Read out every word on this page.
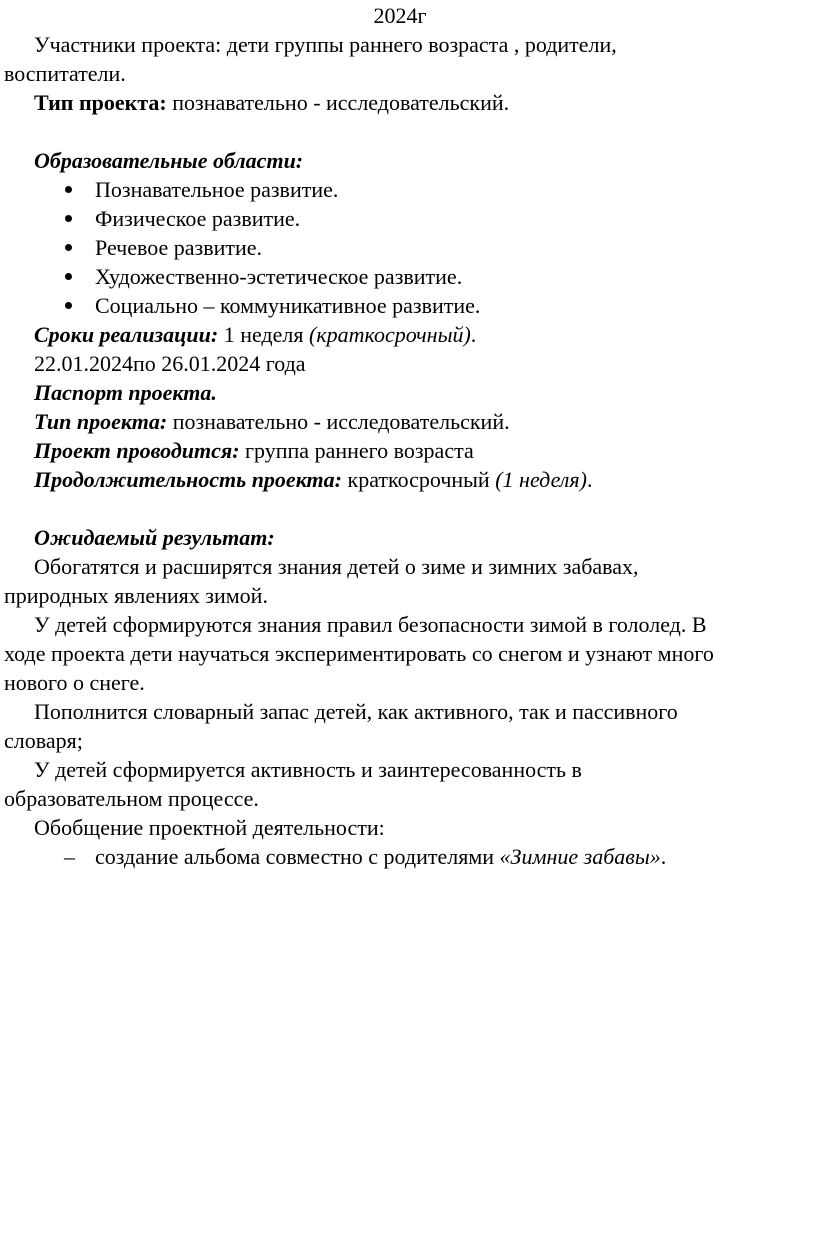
2024г

Участники проекта: дети группы раннего возраста , родители,

воспитатели.

Тип проекта: познавательно - исследовательский.

Образовательные области:

Познавательное развитие.
Физическое развитие.
Речевое развитие.
Художественно-эстетическое развитие.
Социально – коммуникативное развитие.

Сроки реализации: 1 неделя (краткосрочный).

22.01.2024по 26.01.2024 года

Паспорт проекта.

Тип проекта: познавательно - исследовательский.

Проект проводится: группа раннего возраста

Продолжительность проекта: краткосрочный (1 неделя).

Ожидаемый результат:

Обогатятся и расширятся знания детей о зиме и зимних забавах,

природных явлениях зимой.

У детей сформируются знания правил безопасности зимой в гололед. В

ходе проекта дети научаться экспериментировать со снегом и узнают много

нового о снеге.

Пополнится словарный запас детей, как активного, так и пассивного

словаря;

У детей сформируется активность и заинтересованность в

образовательном процессе.

Обобщение проектной деятельности:

– создание альбома совместно с родителями «Зимние забавы».
